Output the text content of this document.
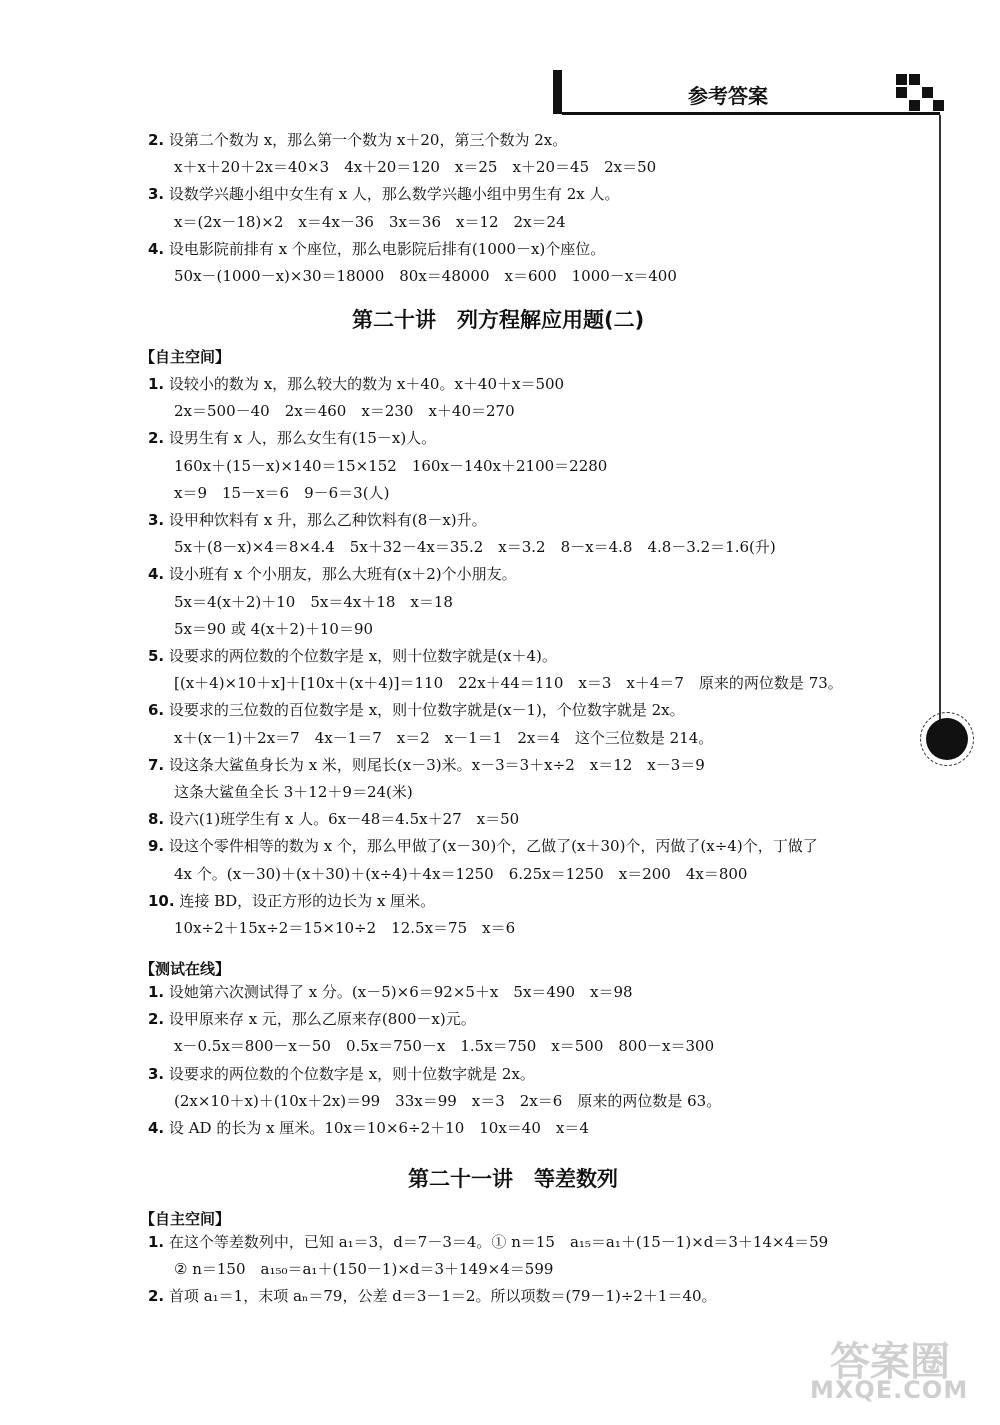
参考答案
2. 设第二个数为 x，那么第一个数为 x＋20，第三个数为 2x。
x＋x＋20＋2x＝40×3　4x＋20＝120　x＝25　x＋20＝45　2x＝50
3. 设数学兴趣小组中女生有 x 人，那么数学兴趣小组中男生有 2x 人。
x＝(2x－18)×2　x＝4x－36　3x＝36　x＝12　2x＝24
4. 设电影院前排有 x 个座位，那么电影院后排有(1000－x)个座位。
50x－(1000－x)×30＝18000　80x＝48000　x＝600　1000－x＝400
第二十讲　列方程解应用题(二)
【自主空间】
1. 设较小的数为 x，那么较大的数为 x＋40。x＋40＋x＝500
2x＝500－40　2x＝460　x＝230　x＋40＝270
2. 设男生有 x 人，那么女生有(15－x)人。
160x＋(15－x)×140＝15×152　160x－140x＋2100＝2280
x＝9　15－x＝6　9－6＝3(人)
3. 设甲种饮料有 x 升，那么乙种饮料有(8－x)升。
5x＋(8－x)×4＝8×4.4　5x＋32－4x＝35.2　x＝3.2　8－x＝4.8　4.8－3.2＝1.6(升)
4. 设小班有 x 个小朋友，那么大班有(x＋2)个小朋友。
5x＝4(x＋2)＋10　5x＝4x＋18　x＝18
5x＝90 或 4(x＋2)＋10＝90
5. 设要求的两位数的个位数字是 x，则十位数字就是(x＋4)。
[(x＋4)×10＋x]＋[10x＋(x＋4)]＝110　22x＋44＝110　x＝3　x＋4＝7　原来的两位数是 73。
6. 设要求的三位数的百位数字是 x，则十位数字就是(x－1)，个位数字就是 2x。
x＋(x－1)＋2x＝7　4x－1＝7　x＝2　x－1＝1　2x＝4　这个三位数是 214。
7. 设这条大鲨鱼身长为 x 米，则尾长(x－3)米。x－3＝3＋x÷2　x＝12　x－3＝9
这条大鲨鱼全长 3＋12＋9＝24(米)
8. 设六(1)班学生有 x 人。6x－48＝4.5x＋27　x＝50
9. 设这个零件相等的数为 x 个，那么甲做了(x－30)个，乙做了(x＋30)个，丙做了(x÷4)个，丁做了
4x 个。(x－30)＋(x＋30)＋(x÷4)＋4x＝1250　6.25x＝1250　x＝200　4x＝800
10. 连接 BD，设正方形的边长为 x 厘米。
10x÷2＋15x÷2＝15×10÷2　12.5x＝75　x＝6
【测试在线】
1. 设她第六次测试得了 x 分。(x－5)×6＝92×5＋x　5x＝490　x＝98
2. 设甲原来存 x 元，那么乙原来存(800－x)元。
x－0.5x＝800－x－50　0.5x＝750－x　1.5x＝750　x＝500　800－x＝300
3. 设要求的两位数的个位数字是 x，则十位数字就是 2x。
(2x×10＋x)＋(10x＋2x)＝99　33x＝99　x＝3　2x＝6　原来的两位数是 63。
4. 设 AD 的长为 x 厘米。10x＝10×6÷2＋10　10x＝40　x＝4
第二十一讲　等差数列
【自主空间】
1. 在这个等差数列中，已知 a₁＝3，d＝7－3＝4。① n＝15　a₁₅＝a₁＋(15－1)×d＝3＋14×4＝59
② n＝150　a₁₅₀＝a₁＋(150－1)×d＝3＋149×4＝599
2. 首项 a₁＝1，末项 aₙ＝79，公差 d＝3－1＝2。所以项数＝(79－1)÷2＋1＝40。
答案圈
MXQE.COM
